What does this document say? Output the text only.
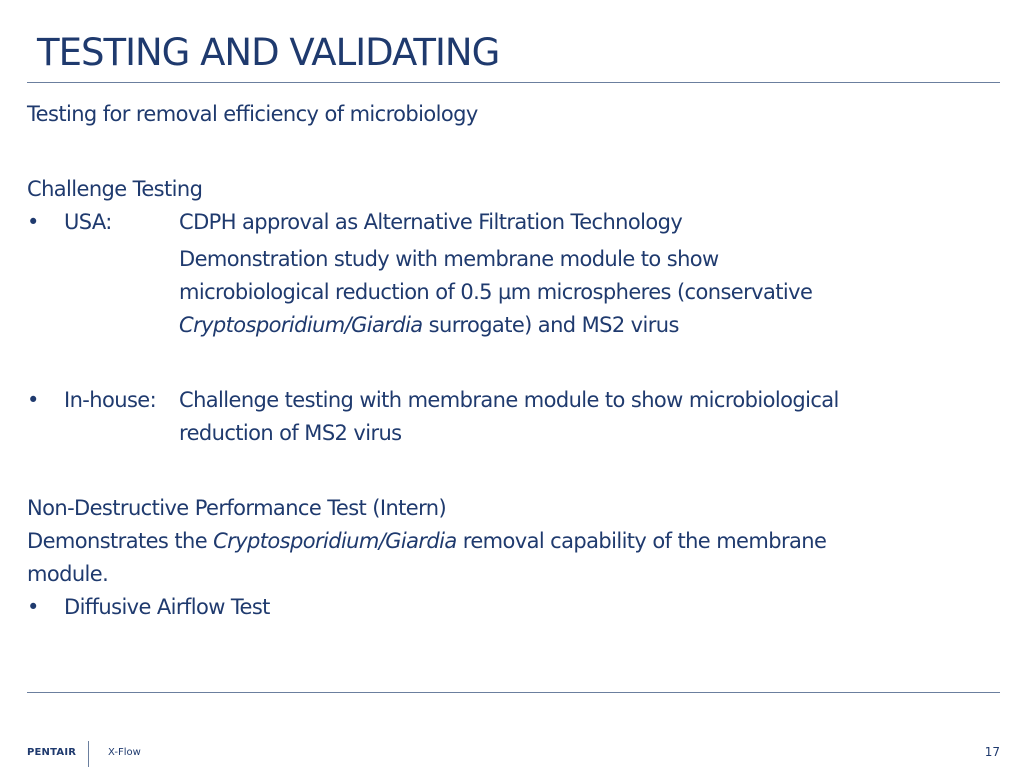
TESTING AND VALIDATING
Testing for removal efficiency of microbiology
Challenge Testing
• USA:	CDPH approval as Alternative Filtration Technology
Demonstration study with membrane module to show
microbiological reduction of 0.5 µm microspheres (conservative
Cryptosporidium/Giardia surrogate) and MS2 virus
• In-house: Challenge testing with membrane module to show microbiological
reduction of MS2 virus
Non-Destructive Performance Test (Intern)
Demonstrates the Cryptosporidium/Giardia removal capability of the membrane
module.
• Diffusive Airflow Test
PENTAIR	X-Flow	17
